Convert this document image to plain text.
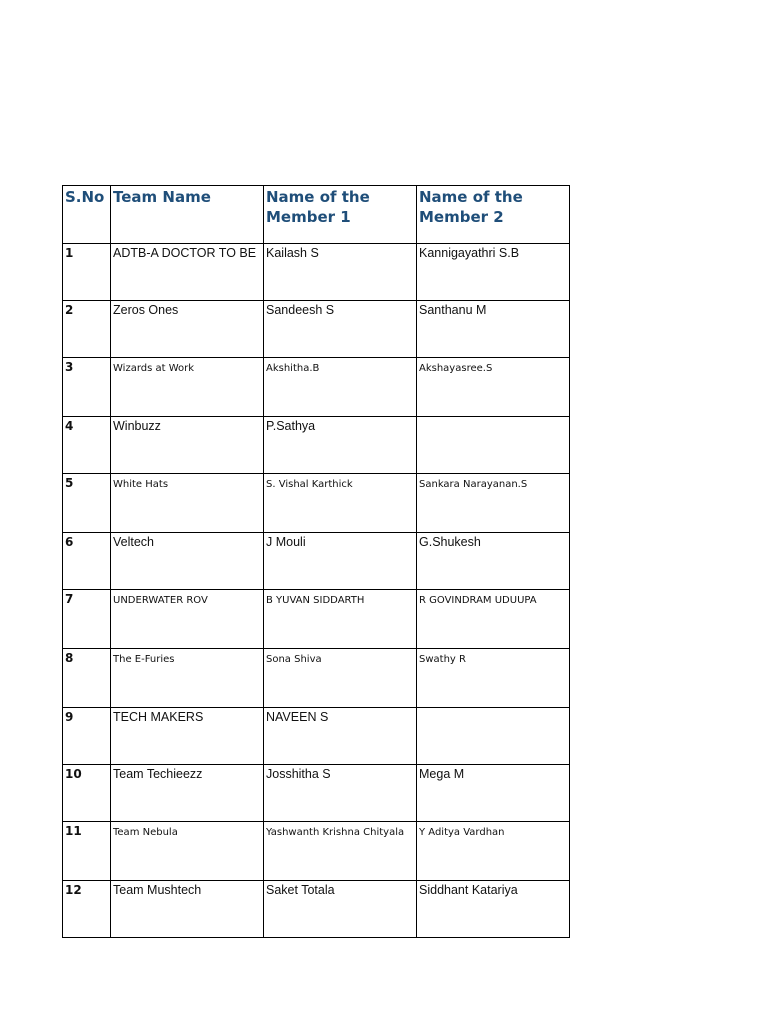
S.No	Team Name	Name of the Member 1	Name of the Member 2
1	ADTB-A DOCTOR TO BE	Kailash S	Kannigayathri S.B
2	Zeros Ones	Sandeesh S	Santhanu M
3	Wizards at Work	Akshitha.B	Akshayasree.S
4	Winbuzz	P.Sathya	
5	White Hats	S. Vishal Karthick	Sankara Narayanan.S
6	Veltech	J Mouli	G.Shukesh
7	UNDERWATER ROV	B YUVAN SIDDARTH	R GOVINDRAM UDUUPA
8	The E-Furies	Sona Shiva	Swathy R
9	TECH MAKERS	NAVEEN S	
10	Team Techieezz	Josshitha S	Mega M
11	Team Nebula	Yashwanth Krishna Chityala	Y Aditya Vardhan
12	Team Mushtech	Saket Totala	Siddhant Katariya
